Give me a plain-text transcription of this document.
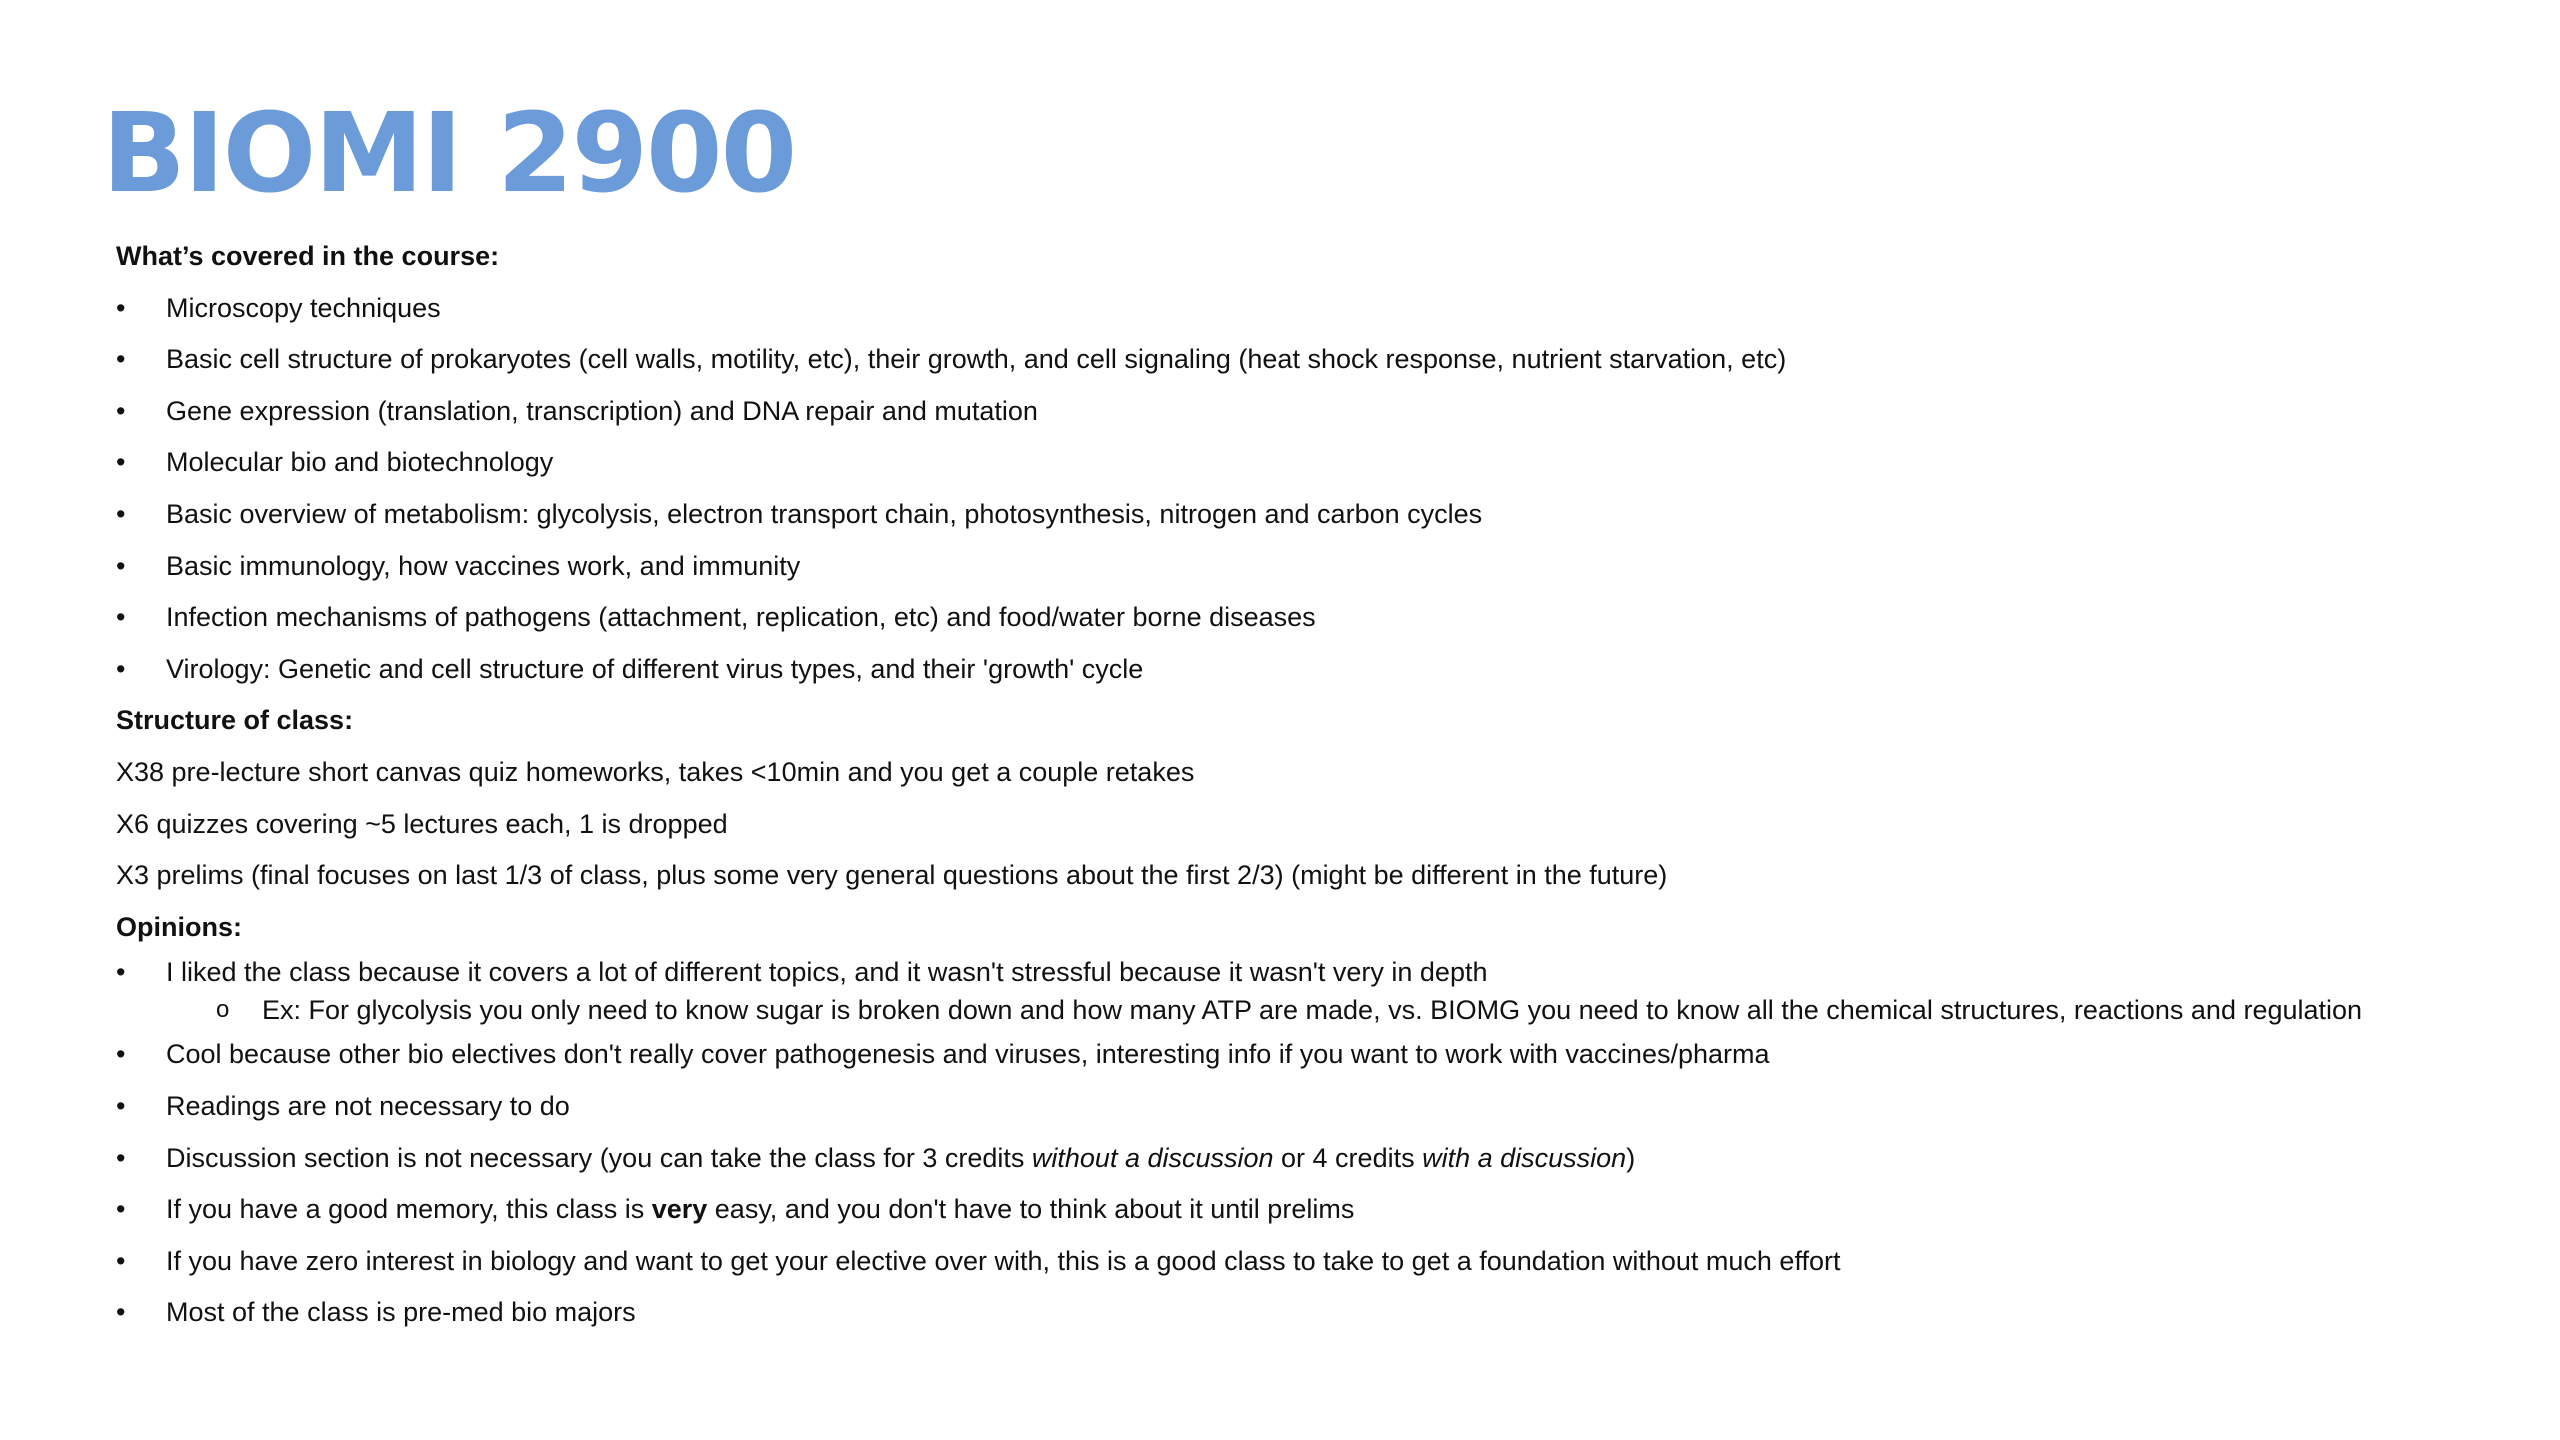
BIOMI 2900
What’s covered in the course:
•	Microscopy techniques
•	Basic cell structure of prokaryotes (cell walls, motility, etc), their growth, and cell signaling (heat shock response, nutrient starvation, etc)
•	Gene expression (translation, transcription) and DNA repair and mutation
•	Molecular bio and biotechnology
•	Basic overview of metabolism: glycolysis, electron transport chain, photosynthesis, nitrogen and carbon cycles
•	Basic immunology, how vaccines work, and immunity
•	Infection mechanisms of pathogens (attachment, replication, etc) and food/water borne diseases
•	Virology: Genetic and cell structure of different virus types, and their 'growth' cycle
Structure of class:
X38 pre-lecture short canvas quiz homeworks, takes <10min and you get a couple retakes
X6 quizzes covering ~5 lectures each, 1 is dropped
X3 prelims (final focuses on last 1/3 of class, plus some very general questions about the first 2/3) (might be different in the future)
Opinions:
•	I liked the class because it covers a lot of different topics, and it wasn't stressful because it wasn't very in depth
o Ex: For glycolysis you only need to know sugar is broken down and how many ATP are made, vs. BIOMG you need to know all the chemical structures, reactions and regulation
•	Cool because other bio electives don't really cover pathogenesis and viruses, interesting info if you want to work with vaccines/pharma
•	Readings are not necessary to do
•	Discussion section is not necessary (you can take the class for 3 credits without a discussion or 4 credits with a discussion)
•	If you have a good memory, this class is very easy, and you don't have to think about it until prelims
•	If you have zero interest in biology and want to get your elective over with, this is a good class to take to get a foundation without much effort
•	Most of the class is pre-med bio majors
